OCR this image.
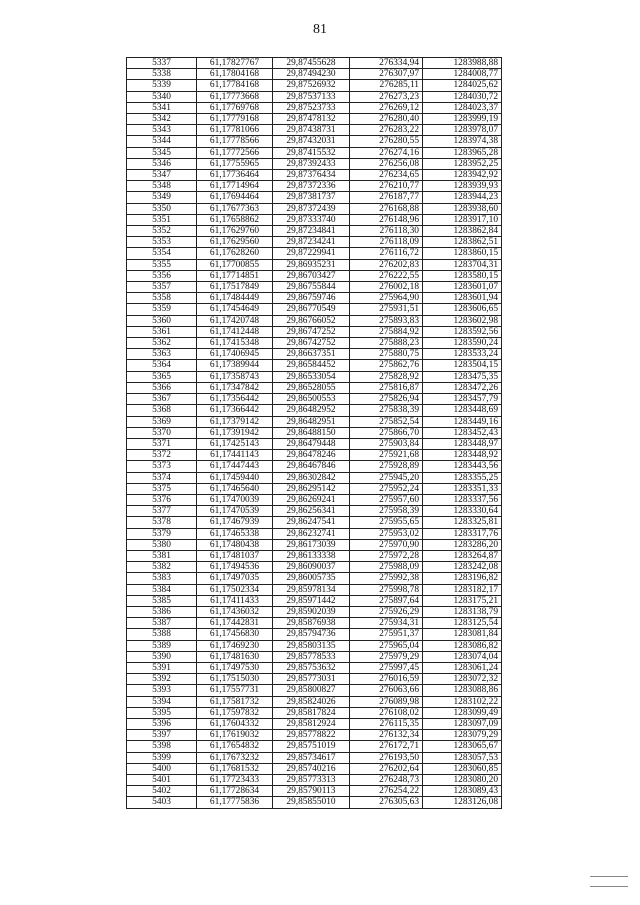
81
5337	61,17827767	29,87455628	276334,94	1283988,88
5338	61,17804168	29,87494230	276307,97	1284008,77
5339	61,17784168	29,87526932	276285,11	1284025,62
5340	61,17773668	29,87537133	276273,23	1284030,72
5341	61,17769768	29,87523733	276269,12	1284023,37
5342	61,17779168	29,87478132	276280,40	1283999,19
5343	61,17781066	29,87438731	276283,22	1283978,07
5344	61,17778566	29,87432031	276280,55	1283974,38
5345	61,17772566	29,87415532	276274,16	1283965,28
5346	61,17755965	29,87392433	276256,08	1283952,25
5347	61,17736464	29,87376434	276234,65	1283942,92
5348	61,17714964	29,87372336	276210,77	1283939,93
5349	61,17694464	29,87381737	276187,77	1283944,23
5350	61,17677363	29,87372439	276168,88	1283938,60
5351	61,17658862	29,87333740	276148,96	1283917,10
5352	61,17629760	29,87234841	276118,30	1283862,84
5353	61,17629560	29,87234241	276118,09	1283862,51
5354	61,17628260	29,87229941	276116,72	1283860,15
5355	61,17700855	29,86935231	276202,83	1283704,31
5356	61,17714851	29,86703427	276222,55	1283580,15
5357	61,17517849	29,86755844	276002,18	1283601,07
5358	61,17484449	29,86759746	275964,90	1283601,94
5359	61,17454649	29,86770549	275931,51	1283606,65
5360	61,17420748	29,86766052	275893,83	1283602,98
5361	61,17412448	29,86747252	275884,92	1283592,56
5362	61,17415348	29,86742752	275888,23	1283590,24
5363	61,17406945	29,86637351	275880,75	1283533,24
5364	61,17389944	29,86584452	275862,76	1283504,15
5365	61,17358743	29,86533054	275828,92	1283475,35
5366	61,17347842	29,86528055	275816,87	1283472,26
5367	61,17356442	29,86500553	275826,94	1283457,79
5368	61,17366442	29,86482952	275838,39	1283448,69
5369	61,17379142	29,86482951	275852,54	1283449,16
5370	61,17391942	29,86488150	275866,70	1283452,43
5371	61,17425143	29,86479448	275903,84	1283448,97
5372	61,17441143	29,86478246	275921,68	1283448,92
5373	61,17447443	29,86467846	275928,89	1283443,56
5374	61,17459440	29,86302842	275945,20	1283355,25
5375	61,17465640	29,86295142	275952,24	1283351,33
5376	61,17470039	29,86269241	275957,60	1283337,56
5377	61,17470539	29,86256341	275958,39	1283330,64
5378	61,17467939	29,86247541	275955,65	1283325,81
5379	61,17465338	29,86232741	275953,02	1283317,76
5380	61,17480438	29,86173039	275970,90	1283286,20
5381	61,17481037	29,86133338	275972,28	1283264,87
5382	61,17494536	29,86090037	275988,09	1283242,08
5383	61,17497035	29,86005735	275992,38	1283196,82
5384	61,17502334	29,85978134	275998,78	1283182,17
5385	61,17411433	29,85971442	275897,64	1283175,21
5386	61,17436032	29,85902039	275926,29	1283138,79
5387	61,17442831	29,85876938	275934,31	1283125,54
5388	61,17456830	29,85794736	275951,37	1283081,84
5389	61,17469230	29,85803135	275965,04	1283086,82
5390	61,17481630	29,85778533	275979,29	1283074,04
5391	61,17497530	29,85753632	275997,45	1283061,24
5392	61,17515030	29,85773031	276016,59	1283072,32
5393	61,17557731	29,85800827	276063,66	1283088,86
5394	61,17581732	29,85824026	276089,98	1283102,22
5395	61,17597832	29,85817824	276108,02	1283099,49
5396	61,17604332	29,85812924	276115,35	1283097,09
5397	61,17619032	29,85778822	276132,34	1283079,29
5398	61,17654832	29,85751019	276172,71	1283065,67
5399	61,17673232	29,85734617	276193,50	1283057,53
5400	61,17681532	29,85740216	276202,64	1283060,85
5401	61,17723433	29,85773313	276248,73	1283080,20
5402	61,17728634	29,85790113	276254,22	1283089,43
5403	61,17775836	29,85855010	276305,63	1283126,08
